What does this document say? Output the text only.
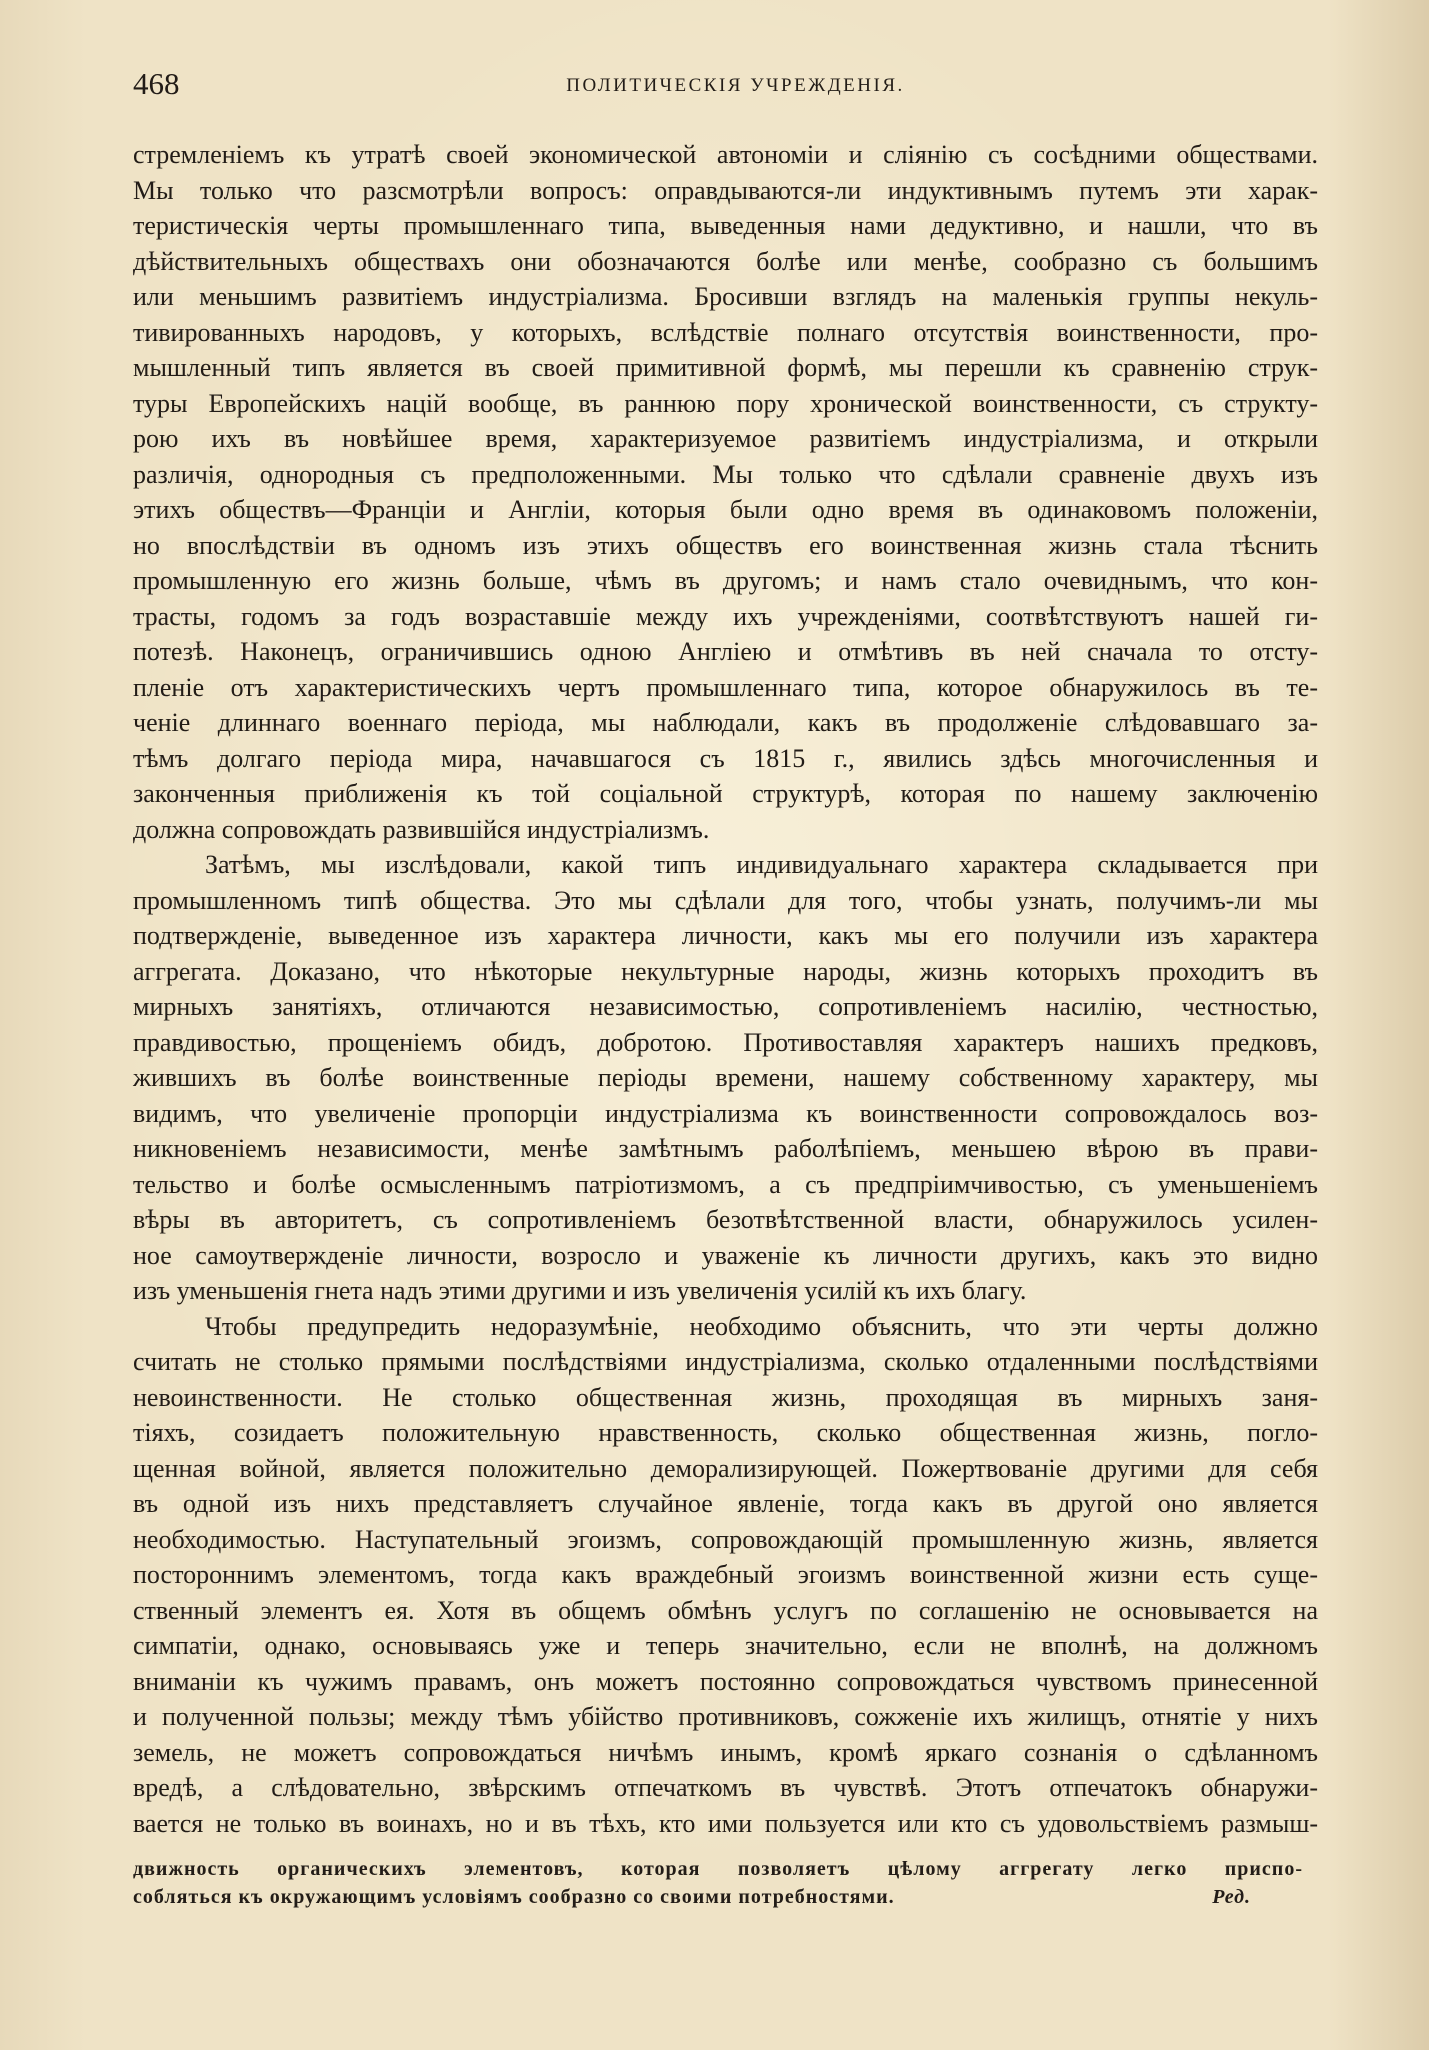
468	ПОЛИТИЧЕСКІЯ УЧРЕЖДЕНІЯ.
стремленіемъ къ утратѣ своей экономической автономіи и сліянію съ сосѣдними обществами.
Мы только что разсмотрѣли вопросъ: оправдываются-ли индуктивнымъ путемъ эти харак-
теристическія черты промышленнаго типа, выведенныя нами дедуктивно, и нашли, что въ
дѣйствительныхъ обществахъ они обозначаются болѣе или менѣе, сообразно съ большимъ
или меньшимъ развитіемъ индустріализма. Бросивши взглядъ на маленькія группы некуль-
тивированныхъ народовъ, у которыхъ, вслѣдствіе полнаго отсутствія воинственности, про-
мышленный типъ является въ своей примитивной формѣ, мы перешли къ сравненію струк-
туры Европейскихъ націй вообще, въ раннюю пору хронической воинственности, съ структу-
рою ихъ въ новѣйшее время, характеризуемое развитіемъ индустріализма, и открыли
различія, однородныя съ предположенными. Мы только что сдѣлали сравненіе двухъ изъ
этихъ обществъ—Франціи и Англіи, которыя были одно время въ одинаковомъ положеніи,
но впослѣдствіи въ одномъ изъ этихъ обществъ его воинственная жизнь стала тѣснить
промышленную его жизнь больше, чѣмъ въ другомъ; и намъ стало очевиднымъ, что кон-
трасты, годомъ за годъ возраставшіе между ихъ учрежденіями, соотвѣтствуютъ нашей ги-
потезѣ. Наконецъ, ограничившись одною Англіею и отмѣтивъ въ ней сначала то отсту-
пленіе отъ характеристическихъ чертъ промышленнаго типа, которое обнаружилось въ те-
ченіе длиннаго военнаго періода, мы наблюдали, какъ въ продолженіе слѣдовавшаго за-
тѣмъ долгаго періода мира, начавшагося съ 1815 г., явились здѣсь многочисленныя и
законченныя приближенія къ той соціальной структурѣ, которая по нашему заключенію
должна сопровождать развившійся индустріализмъ.
Затѣмъ, мы изслѣдовали, какой типъ индивидуальнаго характера складывается при
промышленномъ типѣ общества. Это мы сдѣлали для того, чтобы узнать, получимъ-ли мы
подтвержденіе, выведенное изъ характера личности, какъ мы его получили изъ характера
аггрегата. Доказано, что нѣкоторые некультурные народы, жизнь которыхъ проходитъ въ
мирныхъ занятіяхъ, отличаются независимостью, сопротивленіемъ насилію, честностью,
правдивостью, прощеніемъ обидъ, добротою. Противоставляя характеръ нашихъ предковъ,
жившихъ въ болѣе воинственные періоды времени, нашему собственному характеру, мы
видимъ, что увеличеніе пропорціи индустріализма къ воинственности сопровождалось воз-
никновеніемъ независимости, менѣе замѣтнымъ раболѣпіемъ, меньшею вѣрою въ прави-
тельство и болѣе осмысленнымъ патріотизмомъ, а съ предпріимчивостью, съ уменьшеніемъ
вѣры въ авторитетъ, съ сопротивленіемъ безотвѣтственной власти, обнаружилось усилен-
ное самоутвержденіе личности, возросло и уваженіе къ личности другихъ, какъ это видно
изъ уменьшенія гнета надъ этими другими и изъ увеличенія усилій къ ихъ благу.
Чтобы предупредить недоразумѣніе, необходимо объяснить, что эти черты должно
считать не столько прямыми послѣдствіями индустріализма, сколько отдаленными послѣдствіями
невоинственности. Не столько общественная жизнь, проходящая въ мирныхъ заня-
тіяхъ, созидаетъ положительную нравственность, сколько общественная жизнь, погло-
щенная войной, является положительно деморализирующей. Пожертвованіе другими для себя
въ одной изъ нихъ представляетъ случайное явленіе, тогда какъ въ другой оно является
необходимостью. Наступательный эгоизмъ, сопровождающій промышленную жизнь, является
постороннимъ элементомъ, тогда какъ враждебный эгоизмъ воинственной жизни есть суще-
ственный элементъ ея. Хотя въ общемъ обмѣнъ услугъ по соглашенію не основывается на
симпатіи, однако, основываясь уже и теперь значительно, если не вполнѣ, на должномъ
вниманіи къ чужимъ правамъ, онъ можетъ постоянно сопровождаться чувствомъ принесенной
и полученной пользы; между тѣмъ убійство противниковъ, сожженіе ихъ жилищъ, отнятіе у нихъ
земель, не можетъ сопровождаться ничѣмъ инымъ, кромѣ яркаго сознанія о сдѣланномъ
вредѣ, а слѣдовательно, звѣрскимъ отпечаткомъ въ чувствѣ. Этотъ отпечатокъ обнаружи-
вается не только въ воинахъ, но и въ тѣхъ, кто ими пользуется или кто съ удовольствіемъ размыш-
движность органическихъ элементовъ, которая позволяетъ цѣлому аггрегату легко приспо-
собляться къ окружающимъ условіямъ сообразно со своими потребностями.	Ред.
